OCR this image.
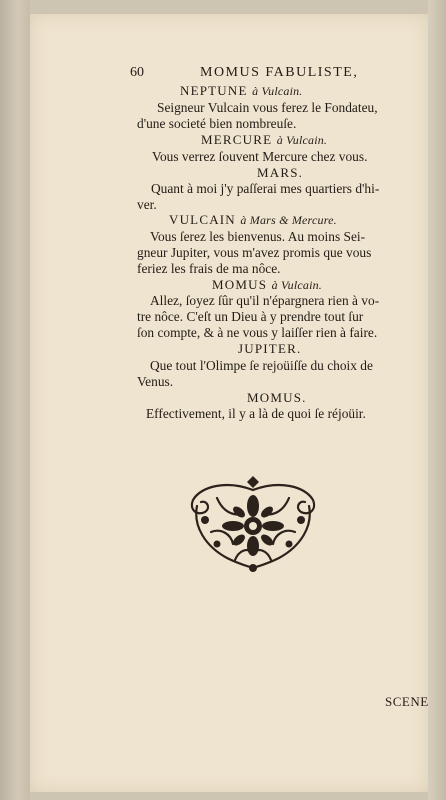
60	MOMUS FABULISTE,
NEPTUNE à Vulcain.
Seigneur Vulcain vous ferez le Fondateu,
d'une societé bien nombreuſe.
MERCURE à Vulcain.
Vous verrez ſouvent Mercure chez vous.
MARS.
Quant à moi j'y paſſerai mes quartiers d'hi-
ver.
VULCAIN à Mars & Mercure.
Vous ſerez les bienvenus. Au moins Sei-
gneur Jupiter, vous m'avez promis que vous
feriez les frais de ma nôce.
MOMUS à Vulcain.
Allez, ſoyez ſûr qu'il n'épargnera rien à vo-
tre nôce. C'eſt un Dieu à y prendre tout ſur
ſon compte, & à ne vous y laiſſer rien à faire.
JUPITER.
Que tout l'Olimpe ſe rejoüiſſe du choix de
Venus.
MOMUS.
Effectivement, il y a là de quoi ſe réjoüir.
SCENE
